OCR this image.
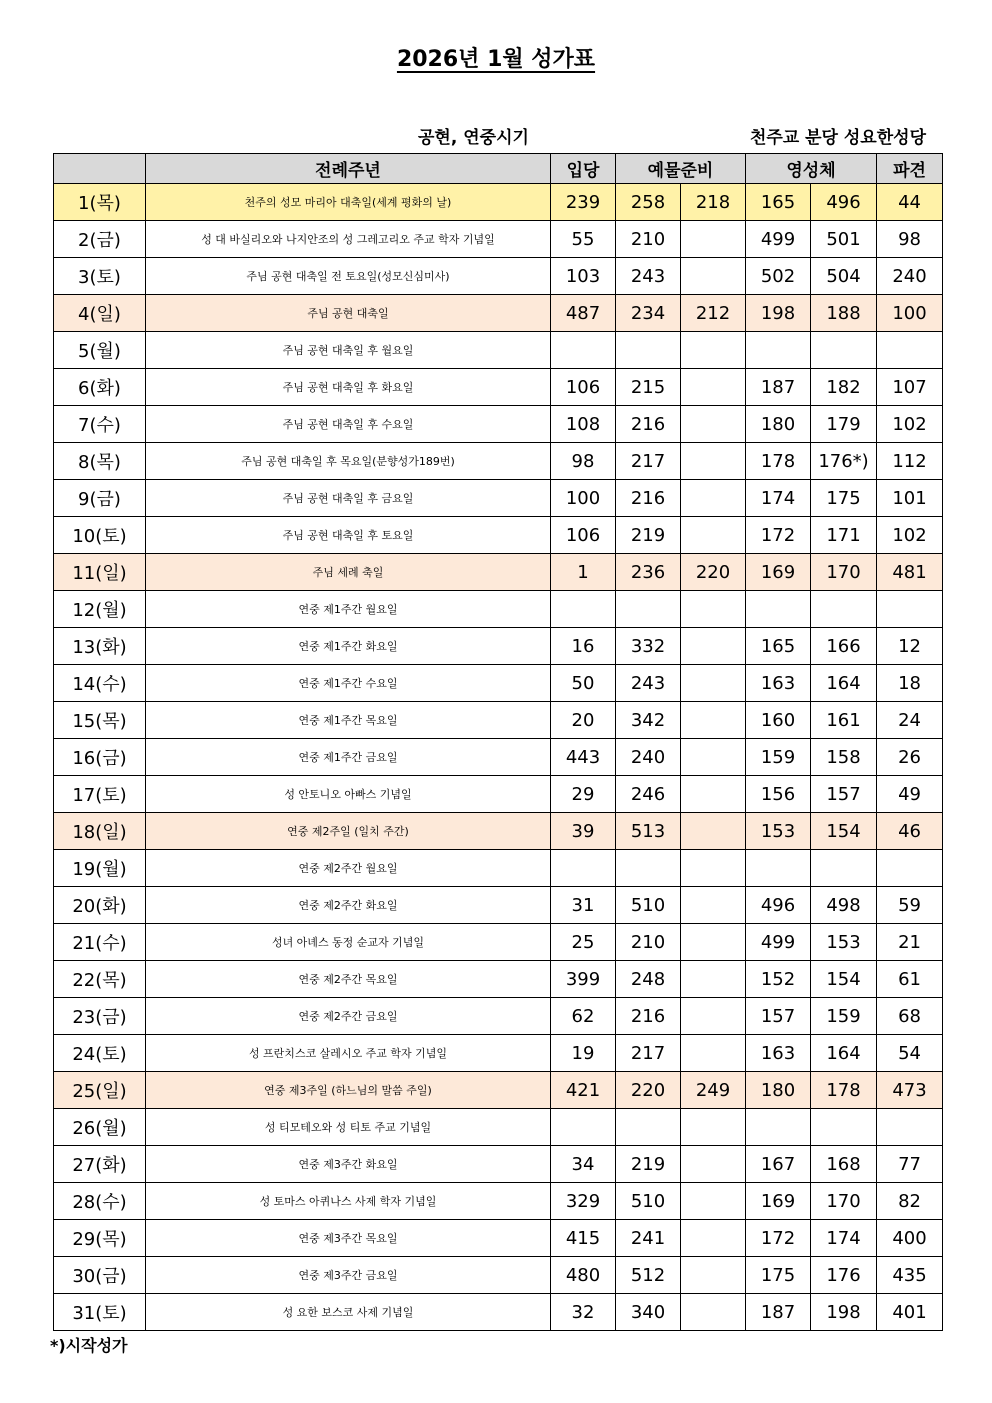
2026년 1월 성가표
공현, 연중시기	천주교 분당 성요한성당
	전례주년	입당	예물준비		영성체		파견
1(목)	천주의 성모 마리아 대축일(세계 평화의 날)	239	258	218	165	496	44
2(금)	성 대 바실리오와 나지안조의 성 그레고리오 주교 학자 기념일	55	210		499	501	98
3(토)	주님 공현 대축일 전 토요일(성모신심미사)	103	243		502	504	240
4(일)	주님 공현 대축일	487	234	212	198	188	100
5(월)	주님 공현 대축일 후 월요일						
6(화)	주님 공현 대축일 후 화요일	106	215		187	182	107
7(수)	주님 공현 대축일 후 수요일	108	216		180	179	102
8(목)	주님 공현 대축일 후 목요일(분향성가189번)	98	217		178	176*)	112
9(금)	주님 공현 대축일 후 금요일	100	216		174	175	101
10(토)	주님 공현 대축일 후 토요일	106	219		172	171	102
11(일)	주님 세례 축일	1	236	220	169	170	481
12(월)	연중 제1주간 월요일						
13(화)	연중 제1주간 화요일	16	332		165	166	12
14(수)	연중 제1주간 수요일	50	243		163	164	18
15(목)	연중 제1주간 목요일	20	342		160	161	24
16(금)	연중 제1주간 금요일	443	240		159	158	26
17(토)	성 안토니오 아빠스 기념일	29	246		156	157	49
18(일)	연중 제2주일 (일치 주간)	39	513		153	154	46
19(월)	연중 제2주간 월요일						
20(화)	연중 제2주간 화요일	31	510		496	498	59
21(수)	성녀 아녜스 동정 순교자 기념일	25	210		499	153	21
22(목)	연중 제2주간 목요일	399	248		152	154	61
23(금)	연중 제2주간 금요일	62	216		157	159	68
24(토)	성 프란치스코 살레시오 주교 학자 기념일	19	217		163	164	54
25(일)	연중 제3주일 (하느님의 말씀 주일)	421	220	249	180	178	473
26(월)	성 티모테오와 성 티토 주교 기념일						
27(화)	연중 제3주간 화요일	34	219		167	168	77
28(수)	성 토마스 아퀴나스 사제 학자 기념일	329	510		169	170	82
29(목)	연중 제3주간 목요일	415	241		172	174	400
30(금)	연중 제3주간 금요일	480	512		175	176	435
31(토)	성 요한 보스코 사제 기념일	32	340		187	198	401
*)시작성가
